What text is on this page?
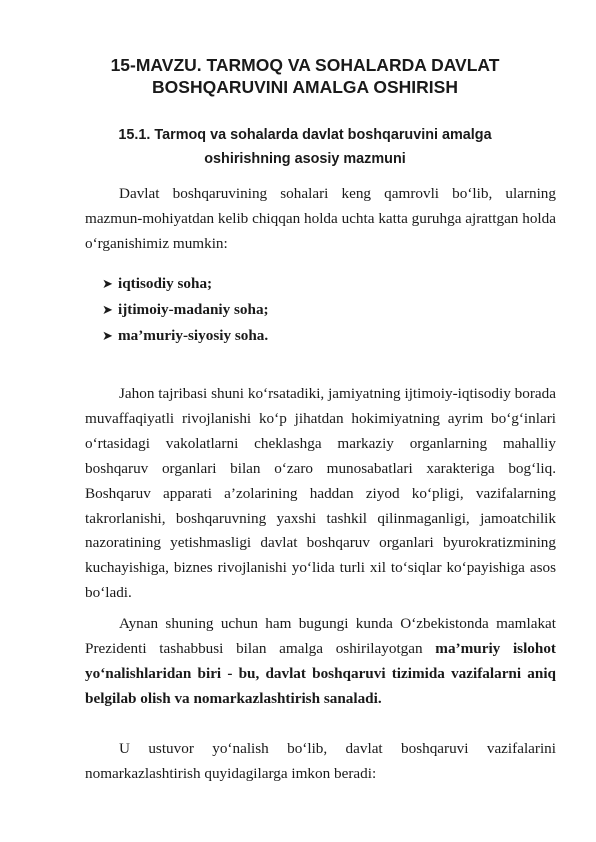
15-MAVZU. TARMOQ VA SOHALARDA DAVLAT BOSHQARUVINI AMALGA OSHIRISH
15.1. Tarmoq va sohalarda davlat boshqaruvini amalga oshirishning asosiy mazmuni

Davlat boshqaruvining sohalari keng qamrovli bo‘lib, ularning mazmun-mohiyatdan kelib chiqqan holda uchta katta guruhga ajrattgan holda o‘rganishimiz mumkin:

➤ iqtisodiy soha;
➤ ijtimoiy-madaniy soha;
➤ ma’muriy-siyosiy soha.

Jahon tajribasi shuni ko‘rsatadiki, jamiyatning ijtimoiy-iqtisodiy borada muvaffaqiyatli rivojlanishi ko‘p jihatdan hokimiyatning ayrim bo‘g‘inlari o‘rtasidagi vakolatlarni cheklashga markaziy organlarning mahalliy boshqaruv organlari bilan o‘zaro munosabatlari xarakteriga bog‘liq. Boshqaruv apparati a’zolarining haddan ziyod ko‘pligi, vazifalarning takrorlanishi, boshqaruvning yaxshi tashkil qilinmaganligi, jamoatchilik nazoratining yetishmasligi davlat boshqaruv organlari byurokratizmining kuchayishiga, biznes rivojlanishi yo‘lida turli xil to‘siqlar ko‘payishiga asos bo‘ladi.

Aynan shuning uchun ham bugungi kunda O‘zbekistonda mamlakat Prezidenti tashabbusi bilan amalga oshirilayotgan ma’muriy islohot yo‘nalishlaridan biri - bu, davlat boshqaruvi tizimida vazifalarni aniq belgilab olish va nomarkazlashtirish sanaladi.

U ustuvor yo‘nalish bo‘lib, davlat boshqaruvi vazifalarini nomarkazlashtirish quyidagilarga imkon beradi:
